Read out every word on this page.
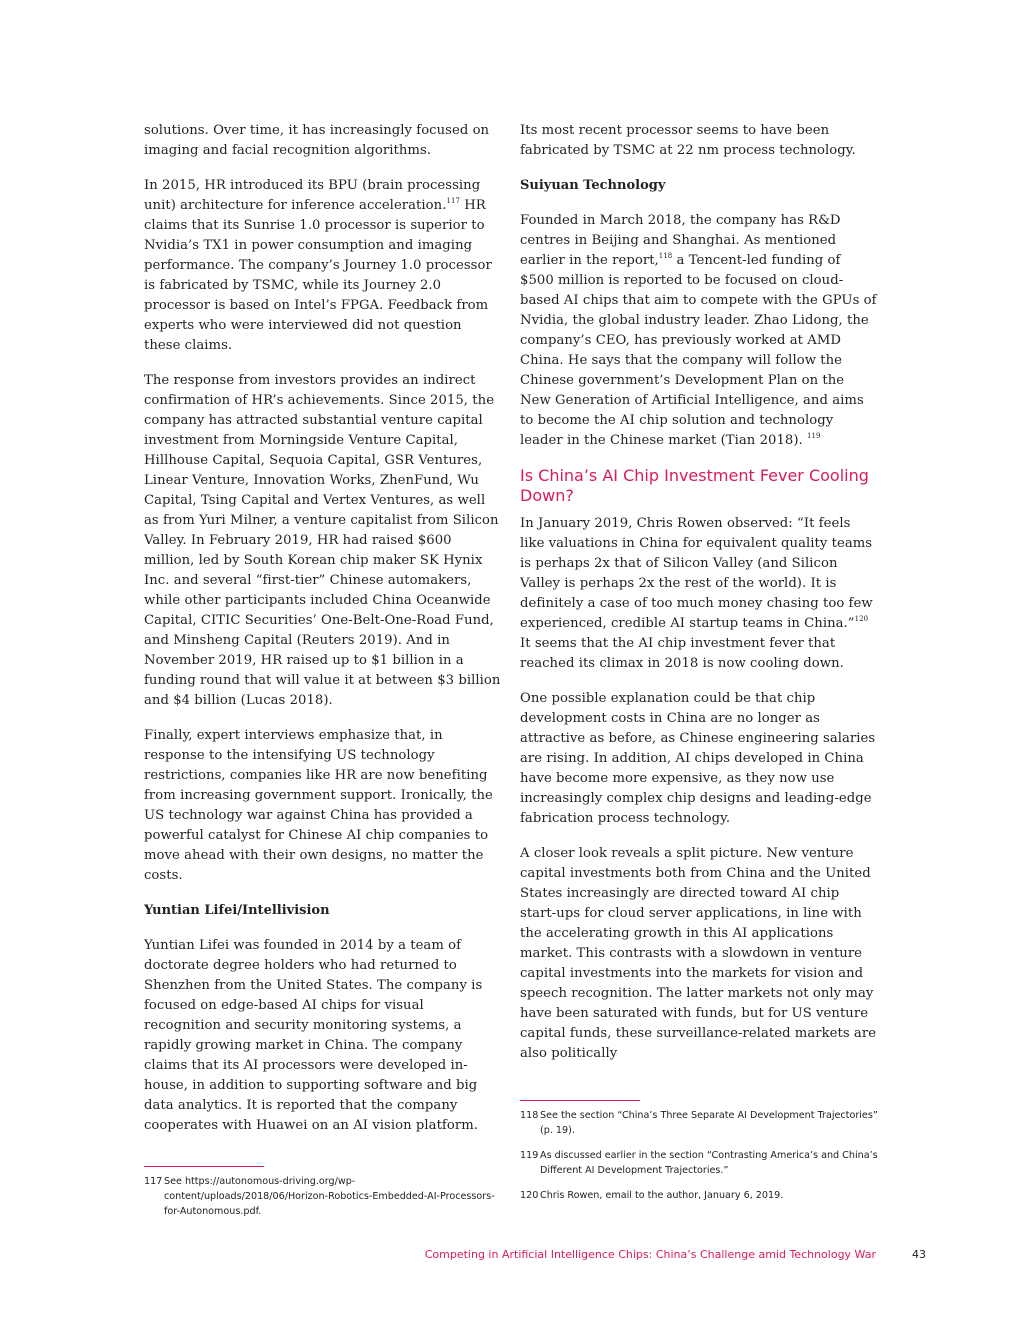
solutions. Over time, it has increasingly focused on imaging and facial recognition algorithms.

In 2015, HR introduced its BPU (brain processing unit) architecture for inference acceleration.$^{117}$ HR claims that its Sunrise 1.0 processor is superior to Nvidia’s TX1 in power consumption and imaging performance. The company’s Journey 1.0 processor is fabricated by TSMC, while its Journey 2.0 processor is based on Intel’s FPGA. Feedback from experts who were interviewed did not question these claims.

The response from investors provides an indirect confirmation of HR’s achievements. Since 2015, the company has attracted substantial venture capital investment from Morningside Venture Capital, Hillhouse Capital, Sequoia Capital, GSR Ventures, Linear Venture, Innovation Works, ZhenFund, Wu Capital, Tsing Capital and Vertex Ventures, as well as from Yuri Milner, a venture capitalist from Silicon Valley. In February 2019, HR had raised $600 million, led by South Korean chip maker SK Hynix Inc. and several “first-tier” Chinese automakers, while other participants included China Oceanwide Capital, CITIC Securities’ One-Belt-One-Road Fund, and Minsheng Capital (Reuters 2019). And in November 2019, HR raised up to $1 billion in a funding round that will value it at between $3 billion and $4 billion (Lucas 2018).

Finally, expert interviews emphasize that, in response to the intensifying US technology restrictions, companies like HR are now benefiting from increasing government support. Ironically, the US technology war against China has provided a powerful catalyst for Chinese AI chip companies to move ahead with their own designs, no matter the costs.

Yuntian Lifei/Intellivision

Yuntian Lifei was founded in 2014 by a team of doctorate degree holders who had returned to Shenzhen from the United States. The company is focused on edge-based AI chips for visual recognition and security monitoring systems, a rapidly growing market in China. The company claims that its AI processors were developed in-house, in addition to supporting software and big data analytics. It is reported that the company cooperates with Huawei on an AI vision platform.

Its most recent processor seems to have been fabricated by TSMC at 22 nm process technology.

Suiyuan Technology

Founded in March 2018, the company has R&D centres in Beijing and Shanghai. As mentioned earlier in the report,$^{118}$ a Tencent-led funding of $500 million is reported to be focused on cloud-based AI chips that aim to compete with the GPUs of Nvidia, the global industry leader. Zhao Lidong, the company’s CEO, has previously worked at AMD China. He says that the company will follow the Chinese government’s Development Plan on the New Generation of Artificial Intelligence, and aims to become the AI chip solution and technology leader in the Chinese market (Tian 2018). $^{119}$

Is China’s AI Chip Investment Fever Cooling Down?

In January 2019, Chris Rowen observed: “It feels like valuations in China for equivalent quality teams is perhaps 2x that of Silicon Valley (and Silicon Valley is perhaps 2x the rest of the world). It is definitely a case of too much money chasing too few experienced, credible AI startup teams in China.”$^{120}$ It seems that the AI chip investment fever that reached its climax in 2018 is now cooling down.

One possible explanation could be that chip development costs in China are no longer as attractive as before, as Chinese engineering salaries are rising. In addition, AI chips developed in China have become more expensive, as they now use increasingly complex chip designs and leading-edge fabrication process technology.

A closer look reveals a split picture. New venture capital investments both from China and the United States increasingly are directed toward AI chip start-ups for cloud server applications, in line with the accelerating growth in this AI applications market. This contrasts with a slowdown in venture capital investments into the markets for vision and speech recognition. The latter markets not only may have been saturated with funds, but for US venture capital funds, these surveillance-related markets are also politically

117 See https://autonomous-driving.org/wp-content/uploads/2018/06/Horizon-Robotics-Embedded-AI-Processors-for-Autonomous.pdf.
118 See the section “China’s Three Separate AI Development Trajectories” (p. 19).
119 As discussed earlier in the section “Contrasting America’s and China’s Different AI Development Trajectories.”
120 Chris Rowen, email to the author, January 6, 2019.
Competing in Artificial Intelligence Chips: China’s Challenge amid Technology War	43
